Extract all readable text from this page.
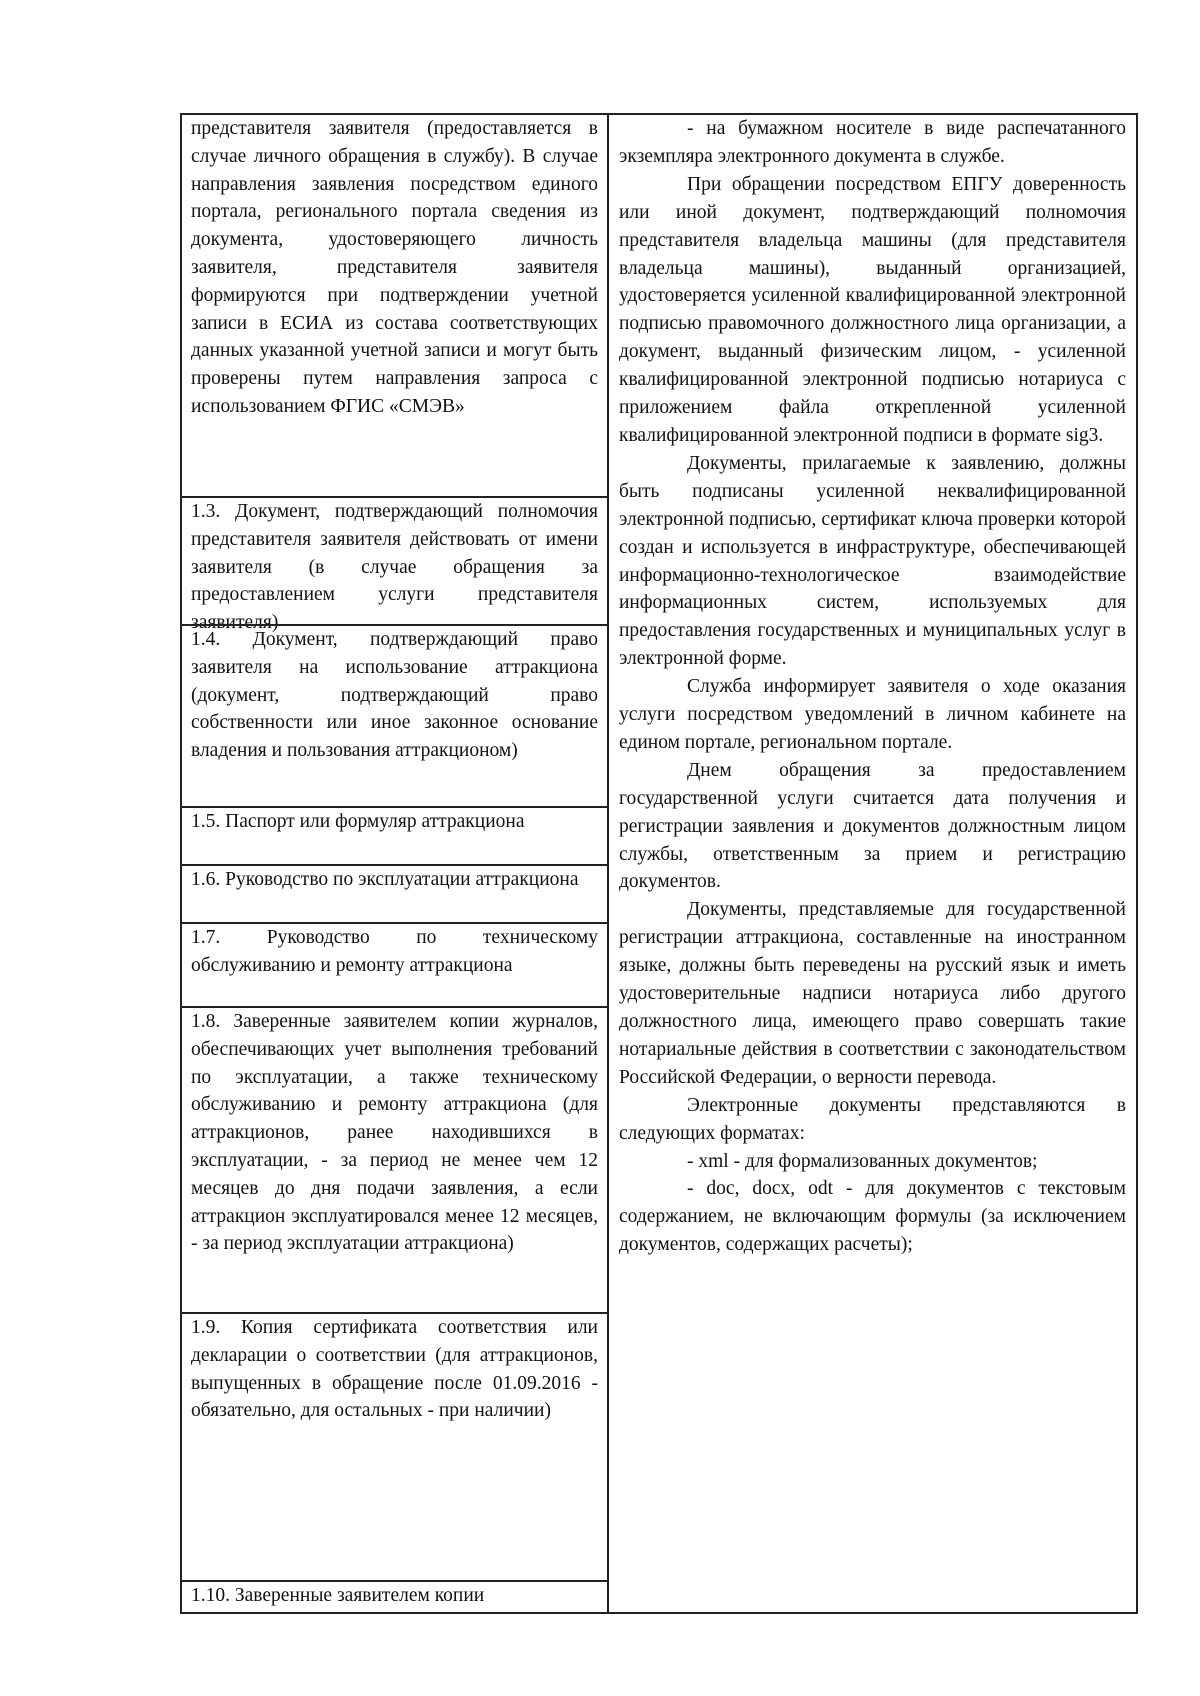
представителя заявителя (предоставляется в случае личного обращения в службу). В случае направления заявления посредством единого портала, регионального портала сведения из документа, удостоверяющего личность заявителя, представителя заявителя формируются при подтверждении учетной записи в ЕСИА из состава соответствующих данных указанной учетной записи и могут быть проверены путем направления запроса с использованием ФГИС «СМЭВ»
1.3. Документ, подтверждающий полномочия представителя заявителя действовать от имени заявителя (в случае обращения за предоставлением услуги представителя заявителя)
1.4. Документ, подтверждающий право заявителя на использование аттракциона (документ, подтверждающий право собственности или иное законное основание владения и пользования аттракционом)
1.5. Паспорт или формуляр аттракциона
1.6. Руководство по эксплуатации аттракциона
1.7. Руководство по техническому обслуживанию и ремонту аттракциона
1.8. Заверенные заявителем копии журналов, обеспечивающих учет выполнения требований по эксплуатации, а также техническому обслуживанию и ремонту аттракциона (для аттракционов, ранее находившихся в эксплуатации, - за период не менее чем 12 месяцев до дня подачи заявления, а если аттракцион эксплуатировался менее 12 месяцев, - за период эксплуатации аттракциона)
1.9. Копия сертификата соответствия или декларации о соответствии (для аттракционов, выпущенных в обращение после 01.09.2016 - обязательно, для остальных - при наличии)
1.10. Заверенные заявителем копии

- на бумажном носителе в виде распечатанного экземпляра электронного документа в службе.

При обращении посредством ЕПГУ доверенность или иной документ, подтверждающий полномочия представителя владельца машины (для представителя владельца машины), выданный организацией, удостоверяется усиленной квалифицированной электронной подписью правомочного должностного лица организации, а документ, выданный физическим лицом, - усиленной квалифицированной электронной подписью нотариуса с приложением файла открепленной усиленной квалифицированной электронной подписи в формате sig3.

Документы, прилагаемые к заявлению, должны быть подписаны усиленной неквалифицированной электронной подписью, сертификат ключа проверки которой создан и используется в инфраструктуре, обеспечивающей информационно-технологическое взаимодействие информационных систем, используемых для предоставления государственных и муниципальных услуг в электронной форме.

Служба информирует заявителя о ходе оказания услуги посредством уведомлений в личном кабинете на едином портале, региональном портале.

Днем обращения за предоставлением государственной услуги считается дата получения и регистрации заявления и документов должностным лицом службы, ответственным за прием и регистрацию документов.

Документы, представляемые для государственной регистрации аттракциона, составленные на иностранном языке, должны быть переведены на русский язык и иметь удостоверительные надписи нотариуса либо другого должностного лица, имеющего право совершать такие нотариальные действия в соответствии с законодательством Российской Федерации, о верности перевода.

Электронные документы представляются в следующих форматах:

- xml - для формализованных документов;

- doc, docx, odt - для документов с текстовым содержанием, не включающим формулы (за исключением документов, содержащих расчеты);
